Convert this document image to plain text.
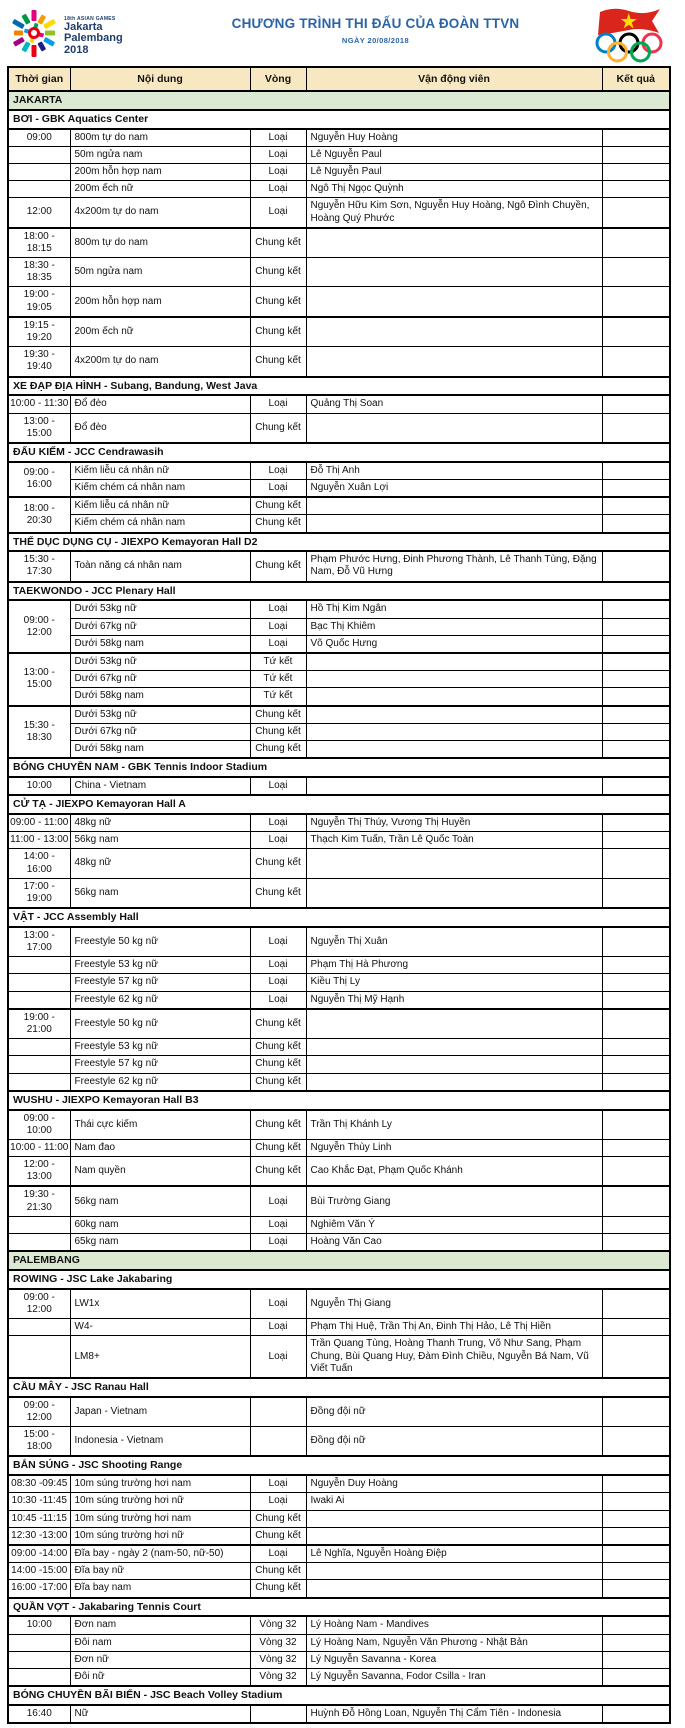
18th ASIAN GAMES
Jakarta
Palembang
2018
CHƯƠNG TRÌNH THI ĐẤU CỦA ĐOÀN TTVN
NGÀY 20/08/2018
Thời gian	Nội dung	Vòng	Vận động viên	Kết quả
JAKARTA				
BƠI - GBK Aquatics Center				
09:00	800m tự do nam	Loại	Nguyễn Huy Hoàng	
	50m ngửa nam	Loại	Lê Nguyễn Paul	
	200m hỗn hợp nam	Loại	Lê Nguyễn Paul	
	200m ếch nữ	Loại	Ngô Thị Ngọc Quỳnh	
12:00	4x200m tự do nam	Loại	Nguyễn Hữu Kim Sơn, Nguyễn Huy Hoàng, Ngô Đình Chuyền, Hoàng Quý Phước	
18:00 - 18:15	800m tự do nam	Chung kết		
18:30 - 18:35	50m ngửa nam	Chung kết		
19:00 - 19:05	200m hỗn hợp nam	Chung kết		
19:15 - 19:20	200m ếch nữ	Chung kết		
19:30 - 19:40	4x200m tự do nam	Chung kết		
XE ĐẠP ĐỊA HÌNH - Subang, Bandung, West Java				
10:00 - 11:30	Đổ đèo	Loại	Quảng Thị Soan	
13:00 - 15:00	Đổ đèo	Chung kết		
ĐẤU KIẾM - JCC Cendrawasih				
09:00 - 16:00	Kiếm liễu cá nhân nữ	Loại	Đỗ Thị Anh	
	Kiếm chém cá nhân nam	Loại	Nguyễn Xuân Lợi	
18:00 - 20:30	Kiếm liễu cá nhân nữ	Chung kết		
	Kiếm chém cá nhân nam	Chung kết		
THỂ DỤC DỤNG CỤ - JIEXPO Kemayoran Hall D2				
15:30 - 17:30	Toàn năng cá nhân nam	Chung kết	Phạm Phước Hưng, Đinh Phương Thành, Lê Thanh Tùng, Đặng Nam, Đỗ Vũ Hưng	
TAEKWONDO - JCC Plenary Hall				
09:00 - 12:00	Dưới 53kg nữ	Loại	Hồ Thị Kim Ngân	
	Dưới 67kg nữ	Loại	Bạc Thị Khiêm	
	Dưới 58kg nam	Loại	Võ Quốc Hưng	
13:00 - 15:00	Dưới 53kg nữ	Tứ kết		
	Dưới 67kg nữ	Tứ kết		
	Dưới 58kg nam	Tứ kết		
15:30 - 18:30	Dưới 53kg nữ	Chung kết		
	Dưới 67kg nữ	Chung kết		
	Dưới 58kg nam	Chung kết		
BÓNG CHUYỀN NAM - GBK Tennis Indoor Stadium				
10:00	China - Vietnam	Loại		
CỬ TẠ - JIEXPO Kemayoran Hall A				
09:00 - 11:00	48kg nữ	Loại	Nguyễn Thị Thúy, Vương Thị Huyền	
11:00 - 13:00	56kg nam	Loại	Thạch Kim Tuấn, Trần Lê Quốc Toàn	
14:00 - 16:00	48kg nữ	Chung kết		
17:00 - 19:00	56kg nam	Chung kết		
VẬT - JCC Assembly Hall				
13:00 - 17:00	Freestyle 50 kg nữ	Loại	Nguyễn Thị Xuân	
	Freestyle 53 kg nữ	Loại	Phạm Thị Hà Phương	
	Freestyle 57 kg nữ	Loại	Kiều Thị Ly	
	Freestyle 62 kg nữ	Loại	Nguyễn Thị Mỹ Hạnh	
19:00 - 21:00	Freestyle 50 kg nữ	Chung kết		
	Freestyle 53 kg nữ	Chung kết		
	Freestyle 57 kg nữ	Chung kết		
	Freestyle 62 kg nữ	Chung kết		
WUSHU - JIEXPO Kemayoran Hall B3				
09:00 - 10:00	Thái cực kiếm	Chung kết	Trần Thị Khánh Ly	
10:00 - 11:00	Nam đao	Chung kết	Nguyễn Thùy Linh	
12:00 - 13:00	Nam quyền	Chung kết	Cao Khắc Đạt, Phạm Quốc Khánh	
19:30 - 21:30	56kg nam	Loại	Bùi Trường Giang	
	60kg nam	Loại	Nghiêm Văn Ý	
	65kg nam	Loại	Hoàng Văn Cao	
PALEMBANG				
ROWING - JSC Lake Jakabaring				
09:00 - 12:00	LW1x	Loại	Nguyễn Thị Giang	
	W4-	Loại	Phạm Thị Huệ, Trần Thị An, Đinh Thị Hảo, Lê Thị Hiền	
	LM8+	Loại	Trần Quang Tùng, Hoàng Thanh Trung, Võ Như Sang, Phạm Chung, Bùi Quang Huy, Đàm Đình Chiều, Nguyễn Bá Nam, Vũ Viết Tuấn	
CẦU MÂY - JSC Ranau Hall				
09:00 - 12:00	Japan - Vietnam		Đồng đội nữ	
15:00 - 18:00	Indonesia - Vietnam		Đồng đội nữ	
BẮN SÚNG - JSC Shooting Range				
08:30 -09:45	10m súng trường hơi nam	Loại	Nguyễn Duy Hoàng	
10:30 -11:45	10m súng trường hơi nữ	Loại	Iwaki Ai	
10:45 -11:15	10m súng trường hơi nam	Chung kết		
12:30 -13:00	10m súng trường hơi nữ	Chung kết		
09:00 -14:00	Đĩa bay - ngày 2 (nam-50, nữ-50)	Loại	Lê Nghĩa, Nguyễn Hoàng Điệp	
14:00 -15:00	Đĩa bay nữ	Chung kết		
16:00 -17:00	Đĩa bay nam	Chung kết		
QUẦN VỢT - Jakabaring Tennis Court				
10:00	Đơn nam	Vòng 32	Lý Hoàng Nam - Mandives	
	Đôi nam	Vòng 32	Lý Hoàng Nam, Nguyễn Văn Phương - Nhật Bản	
	Đơn nữ	Vòng 32	Lý Nguyễn Savanna - Korea	
	Đôi nữ	Vòng 32	Lý Nguyễn Savanna, Fodor Csilla - Iran	
BÓNG CHUYỀN BÃI BIỂN - JSC Beach Volley Stadium				
16:40	Nữ		Huỳnh Đỗ Hồng Loan, Nguyễn Thị Cẩm Tiên - Indonesia	
